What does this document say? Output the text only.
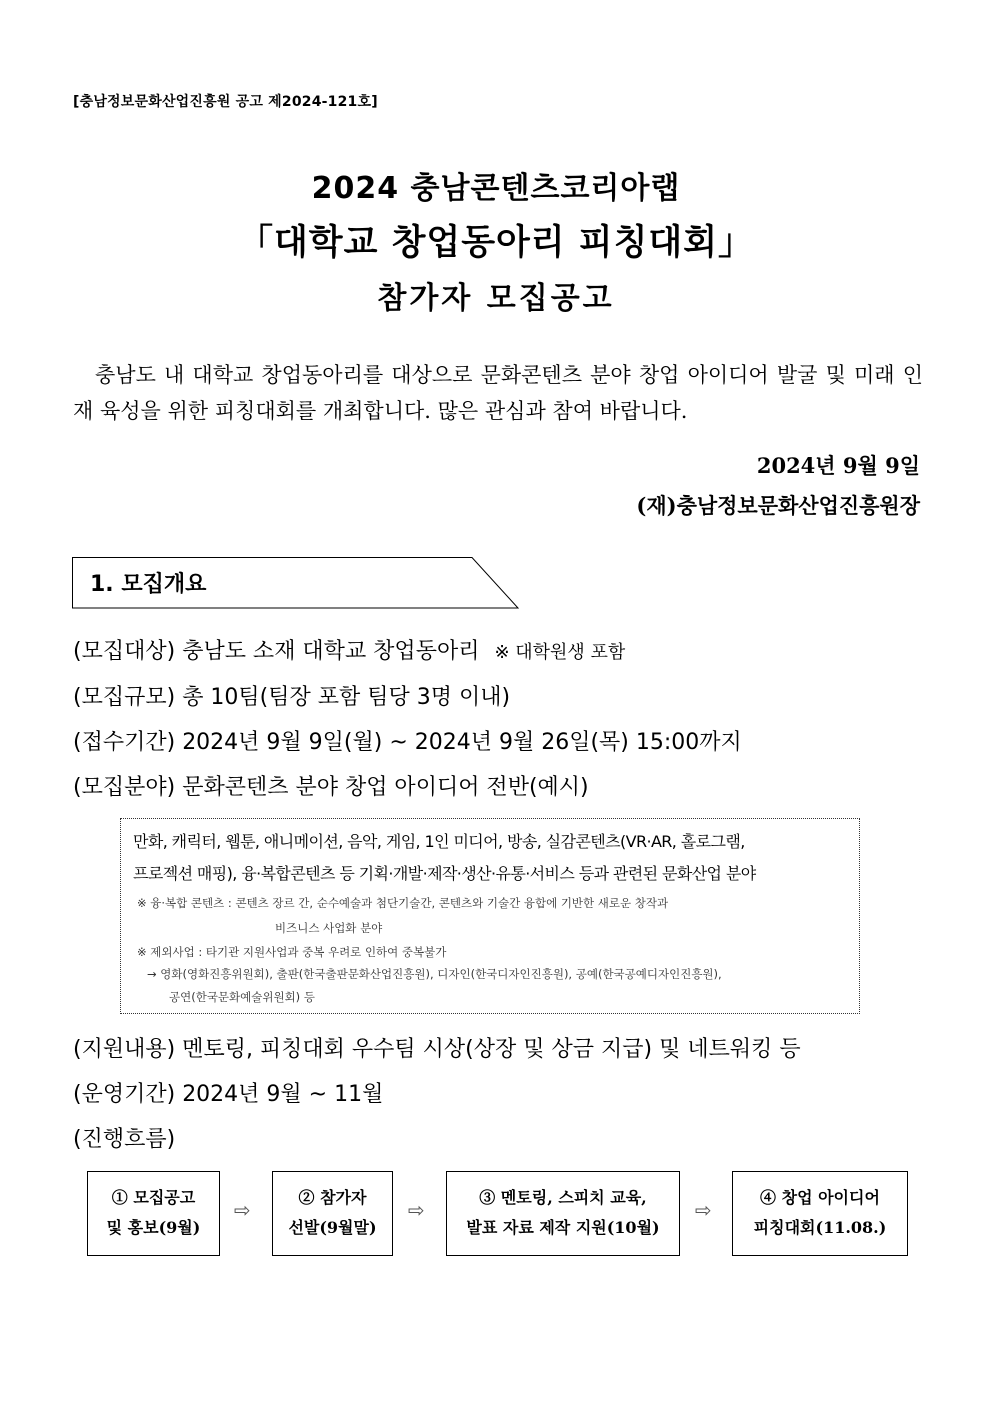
[충남정보문화산업진흥원 공고 제2024-121호]
2024 충남콘텐츠코리아랩
「대학교 창업동아리 피칭대회」
참가자 모집공고
충남도 내 대학교 창업동아리를 대상으로 문화콘텐츠 분야 창업 아이디어 발굴 및 미래 인재 육성을 위한 피칭대회를 개최합니다. 많은 관심과 참여 바랍니다.
2024년 9월 9일
(재)충남정보문화산업진흥원장
1. 모집개요
(모집대상) 충남도 소재 대학교 창업동아리 ※ 대학원생 포함
(모집규모) 총 10팀(팀장 포함 팀당 3명 이내)
(접수기간) 2024년 9월 9일(월) ~ 2024년 9월 26일(목) 15:00까지
(모집분야) 문화콘텐츠 분야 창업 아이디어 전반(예시)
만화, 캐릭터, 웹툰, 애니메이션, 음악, 게임, 1인 미디어, 방송, 실감콘텐츠(VR·AR, 홀로그램,
프로젝션 매핑), 융·복합콘텐츠 등 기획·개발·제작·생산·유통·서비스 등과 관련된 문화산업 분야
※ 융·복합 콘텐츠 : 콘텐츠 장르 간, 순수예술과 첨단기술간, 콘텐츠와 기술간 융합에 기반한 새로운 창작과
비즈니스 사업화 분야
※ 제외사업 : 타기관 지원사업과 중복 우려로 인하여 중복불가
→ 영화(영화진흥위원회), 출판(한국출판문화산업진흥원), 디자인(한국디자인진흥원), 공예(한국공예디자인진흥원),
공연(한국문화예술위원회) 등
(지원내용) 멘토링, 피칭대회 우수팀 시상(상장 및 상금 지급) 및 네트워킹 등
(운영기간) 2024년 9월 ~ 11월
(진행흐름)
① 모집공고
및 홍보(9월)
⇨
② 참가자
선발(9월말)
⇨
③ 멘토링, 스피치 교육,
발표 자료 제작 지원(10월)
⇨
④ 창업 아이디어
피칭대회(11.08.)
